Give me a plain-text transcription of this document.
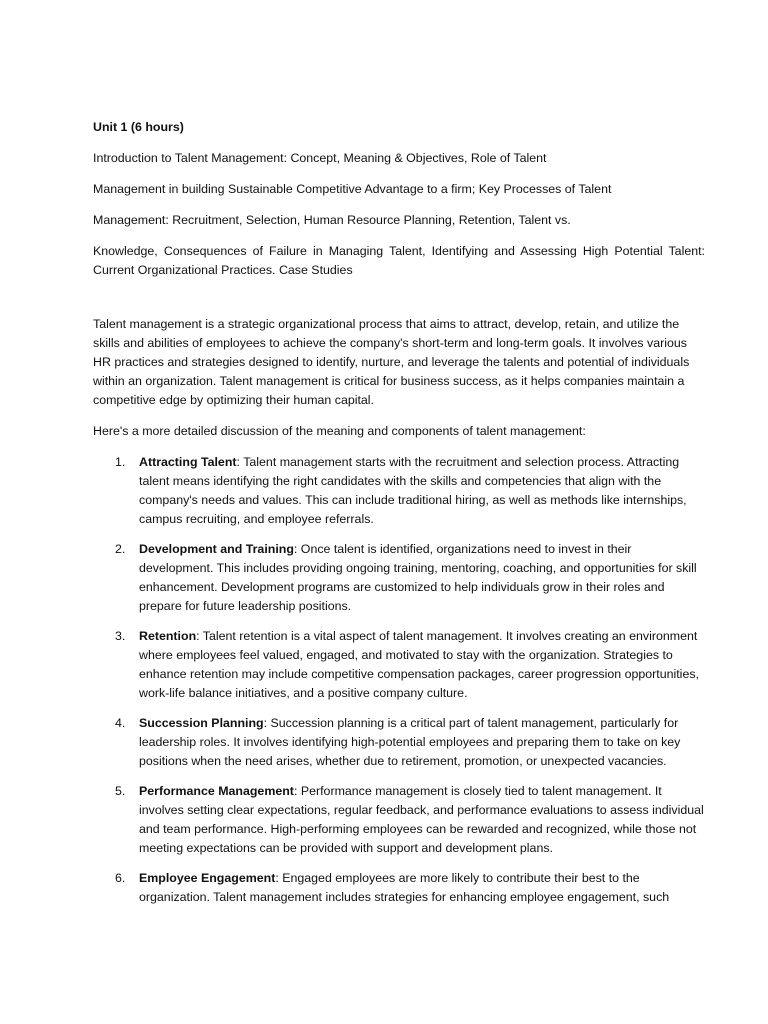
Unit 1 (6 hours)

Introduction to Talent Management: Concept, Meaning & Objectives, Role of Talent

Management in building Sustainable Competitive Advantage to a firm; Key Processes of Talent

Management: Recruitment, Selection, Human Resource Planning, Retention, Talent vs.

Knowledge, Consequences of Failure in Managing Talent, Identifying and Assessing High Potential Talent: Current Organizational Practices. Case Studies

Talent management is a strategic organizational process that aims to attract, develop, retain, and utilize the skills and abilities of employees to achieve the company's short-term and long-term goals. It involves various HR practices and strategies designed to identify, nurture, and leverage the talents and potential of individuals within an organization. Talent management is critical for business success, as it helps companies maintain a competitive edge by optimizing their human capital.

Here's a more detailed discussion of the meaning and components of talent management:

1. Attracting Talent: Talent management starts with the recruitment and selection process. Attracting talent means identifying the right candidates with the skills and competencies that align with the company's needs and values. This can include traditional hiring, as well as methods like internships, campus recruiting, and employee referrals.
2. Development and Training: Once talent is identified, organizations need to invest in their development. This includes providing ongoing training, mentoring, coaching, and opportunities for skill enhancement. Development programs are customized to help individuals grow in their roles and prepare for future leadership positions.
3. Retention: Talent retention is a vital aspect of talent management. It involves creating an environment where employees feel valued, engaged, and motivated to stay with the organization. Strategies to enhance retention may include competitive compensation packages, career progression opportunities, work-life balance initiatives, and a positive company culture.
4. Succession Planning: Succession planning is a critical part of talent management, particularly for leadership roles. It involves identifying high-potential employees and preparing them to take on key positions when the need arises, whether due to retirement, promotion, or unexpected vacancies.
5. Performance Management: Performance management is closely tied to talent management. It involves setting clear expectations, regular feedback, and performance evaluations to assess individual and team performance. High-performing employees can be rewarded and recognized, while those not meeting expectations can be provided with support and development plans.
6. Employee Engagement: Engaged employees are more likely to contribute their best to the organization. Talent management includes strategies for enhancing employee engagement, such
